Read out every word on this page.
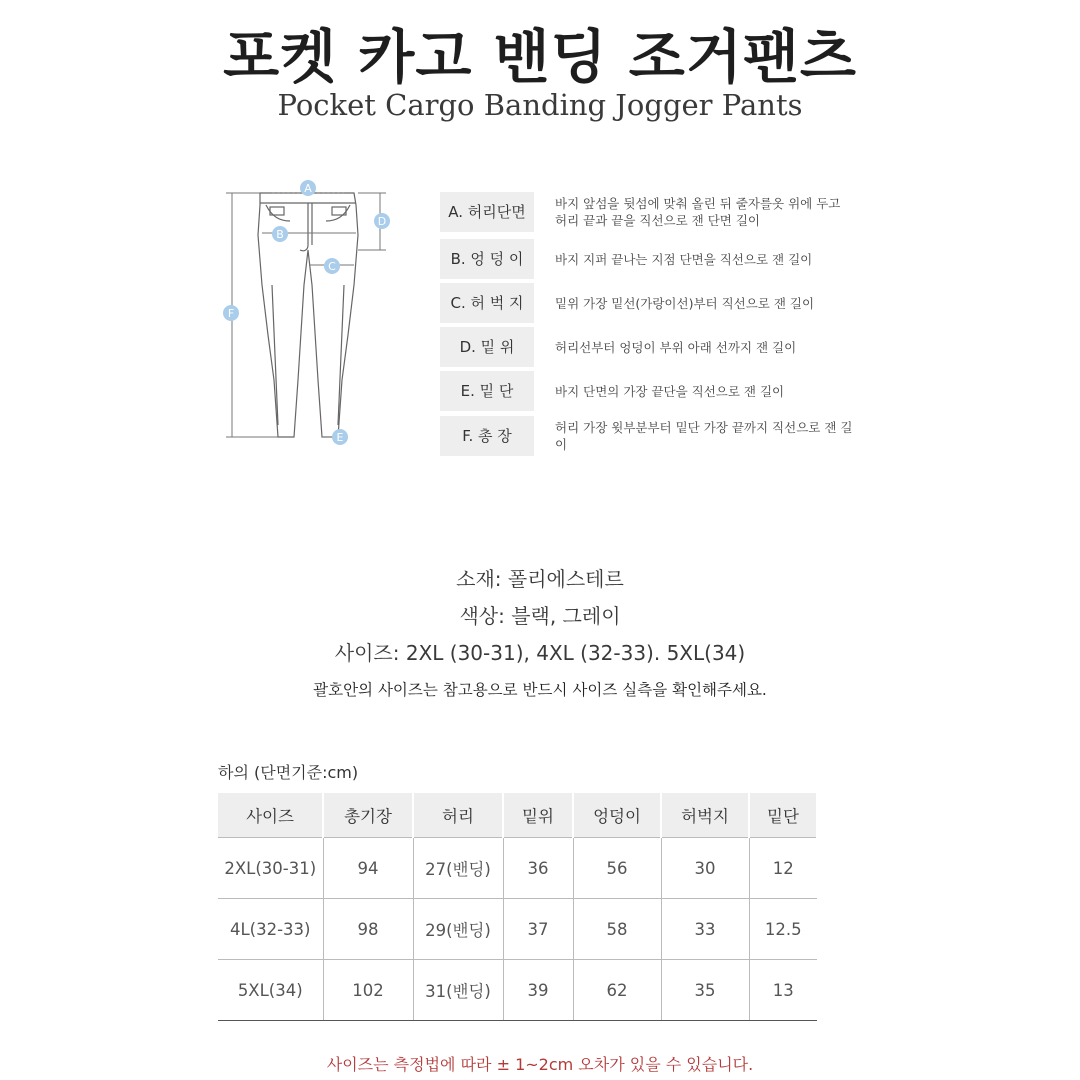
포켓 카고 밴딩 조거팬츠
Pocket Cargo Banding Jogger Pants
A
B
C
D
E
F
A. 허리단면	바지 앞섬을 뒷섬에 맞춰 올린 뒤 줄자를옷 위에 두고
허리 끝과 끝을 직선으로 잰 단면 길이
B. 엉 덩 이	바지 지퍼 끝나는 지점 단면을 직선으로 잰 길이
C. 허 벅 지	밑위 가장 밑선(가랑이선)부터 직선으로 잰 길이
D. 밑 위	허리선부터 엉덩이 부위 아래 선까지 잰 길이
E. 밑 단	바지 단면의 가장 끝단을 직선으로 잰 길이
F. 총 장	허리 가장 윗부분부터 밑단 가장 끝까지 직선으로 잰 길이
소재: 폴리에스테르
색상: 블랙, 그레이
사이즈: 2XL (30-31), 4XL (32-33). 5XL(34)
괄호안의 사이즈는 참고용으로 반드시 사이즈 실측을 확인해주세요.
하의 (단면기준:cm)
사이즈	총기장	허리	밑위	엉덩이	허벅지	밑단
2XL(30-31)	94	27(밴딩)	36	56	30	12
4L(32-33)	98	29(밴딩)	37	58	33	12.5
5XL(34)	102	31(밴딩)	39	62	35	13
사이즈는 측정법에 따라 ± 1~2cm 오차가 있을 수 있습니다.
